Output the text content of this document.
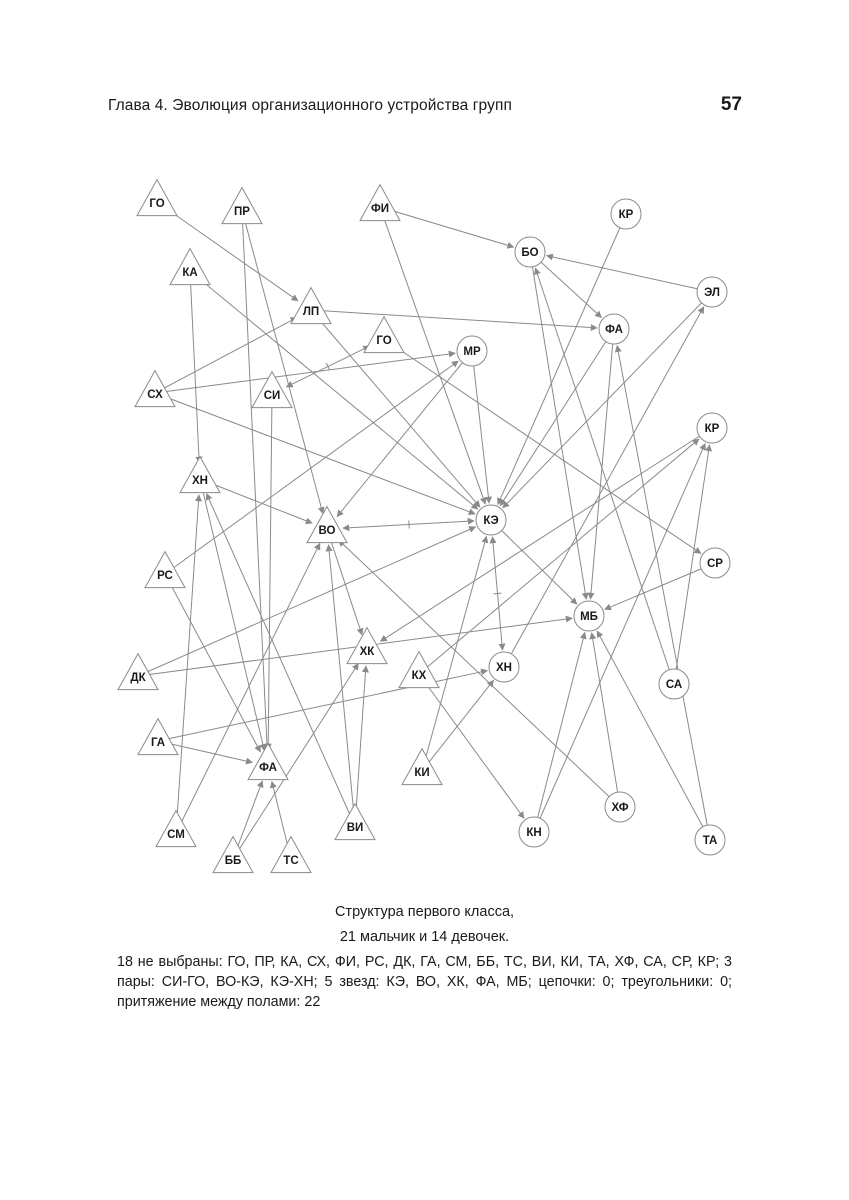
Глава 4. Эволюция организационного устройства групп	57
ГО
ПР	ФИ	КР
БО
КА
ЭЛ
ЛП
ФА
ГО
МР
СХ	СИ
КР
ХН
КЭ
ВО
СР
РС
МБ
ХК
ХН
ДК	КХ
СА
ГА
ФА	КИ
ХФ
СМ
ВИ	КН
ТА
ББ	ТС
Структура первого класса,
21 мальчик и 14 девочек.
18 не выбраны: ГО, ПР, КА, СХ, ФИ, РС, ДК, ГА, СМ, ББ, ТС, ВИ, КИ, ТА, ХФ, СА, СР, КР; 3 пары: СИ-ГО, ВО-КЭ, КЭ-ХН; 5 звезд: КЭ, ВО, ХК, ФА, МБ; цепочки: 0; треугольники: 0; притяжение между полами: 22
